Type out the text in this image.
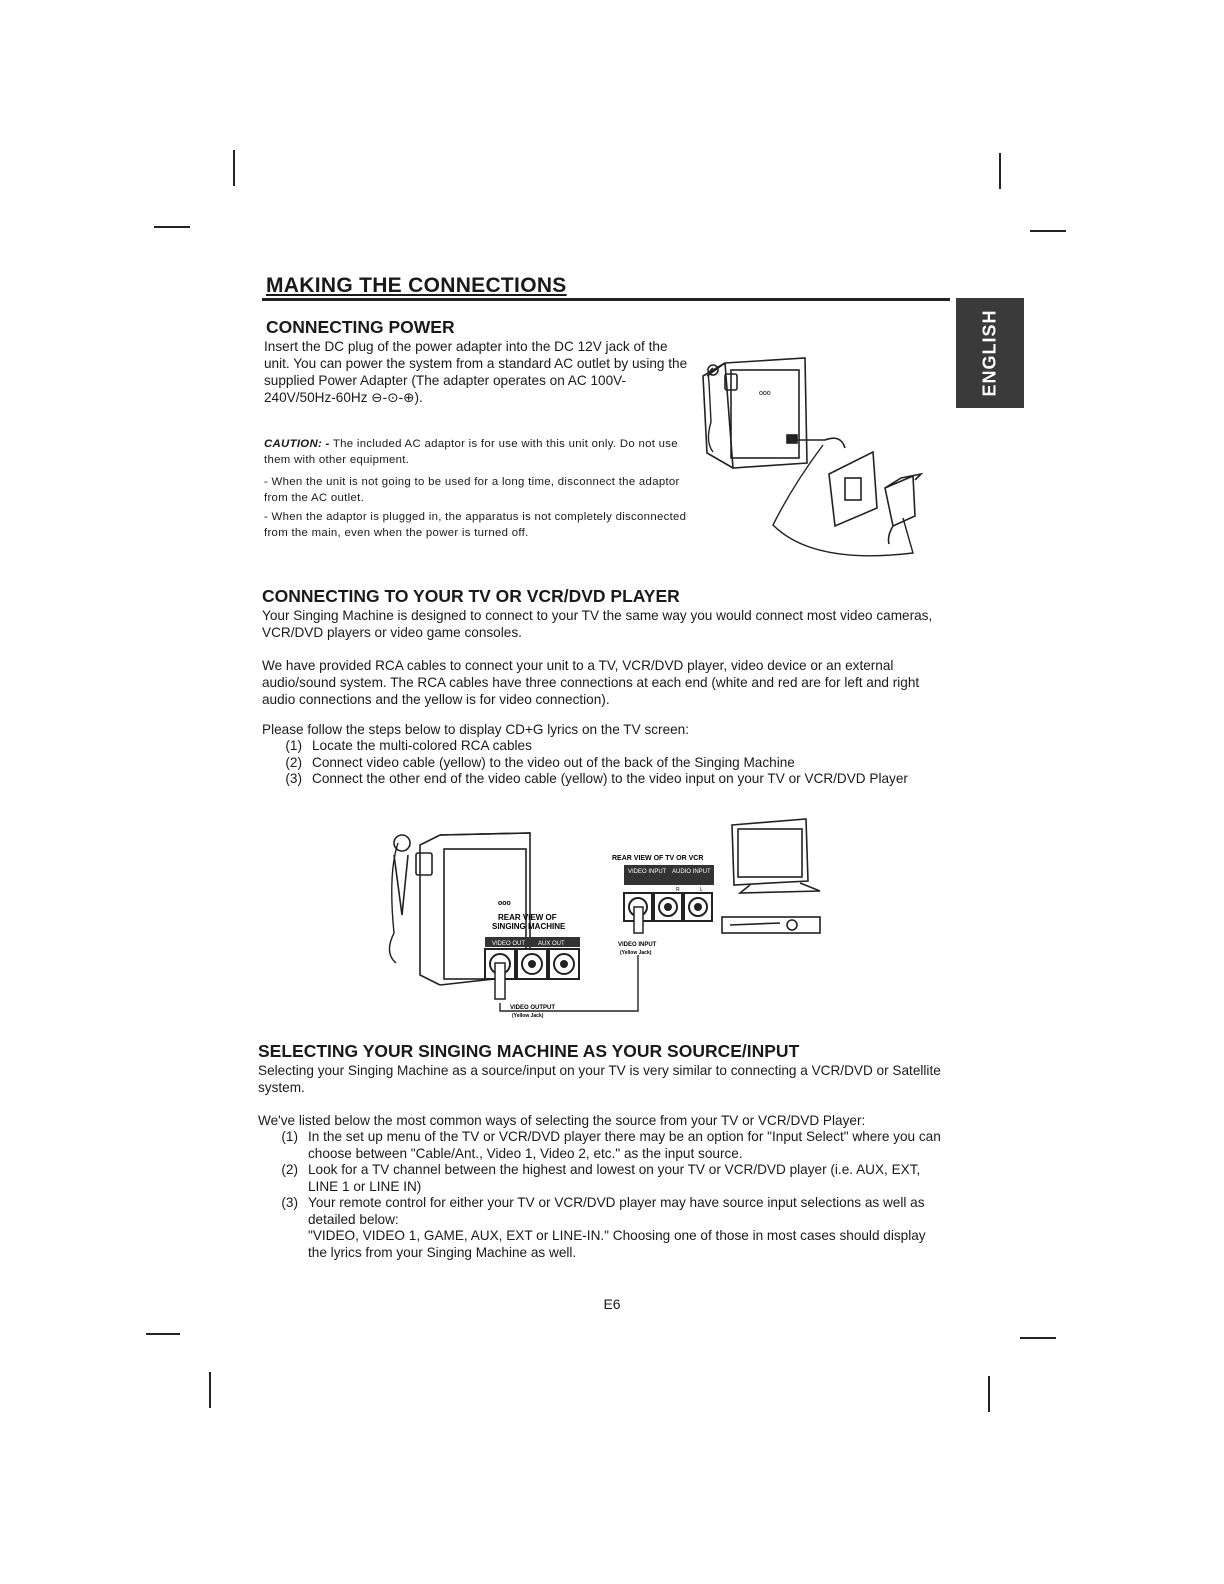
MAKING THE CONNECTIONS
ENGLISH
CONNECTING POWER

Insert the DC plug of the power adapter into the DC 12V jack of the unit. You can power the system from a standard AC outlet by using the supplied Power Adapter (The adapter operates on AC 100V-240V/50Hz-60Hz ⊖-⊙-⊕).

CAUTION: - The included AC adaptor is for use with this unit only. Do not use them with other equipment.

- When the unit is not going to be used for a long time, disconnect the adaptor from the AC outlet.

- When the adaptor is plugged in, the apparatus is not completely disconnected from the main, even when the power is turned off.

ooo
CONNECTING TO YOUR TV OR VCR/DVD PLAYER

Your Singing Machine is designed to connect to your TV the same way you would connect most video cameras, VCR/DVD players or video game consoles.

We have provided RCA cables to connect your unit to a TV, VCR/DVD player, video device or an external audio/sound system. The RCA cables have three connections at each end (white and red are for left and right audio connections and the yellow is for video connection).

Please follow the steps below to display CD+G lyrics on the TV screen:

(1) Locate the multi-colored RCA cables
(2) Connect video cable (yellow) to the video out of the back of the Singing Machine
(3) Connect the other end of the video cable (yellow) to the video input on your TV or VCR/DVD Player
VIDEO OUT AUX OUT
ooo
REAR VIEW OF
SINGING MACHINE
VIDEO OUTPUT
(Yellow Jack)
REAR VIEW OF TV OR VCR
VIDEO INPUT AUDIO INPUT
R	L
VIDEO INPUT
(Yellow Jack)
SELECTING YOUR SINGING MACHINE AS YOUR SOURCE/INPUT

Selecting your Singing Machine as a source/input on your TV is very similar to connecting a VCR/DVD or Satellite system.

We've listed below the most common ways of selecting the source from your TV or VCR/DVD Player:

(1) In the set up menu of the TV or VCR/DVD player there may be an option for "Input Select" where you can choose between "Cable/Ant., Video 1, Video 2, etc." as the input source.
(2) Look for a TV channel between the highest and lowest on your TV or VCR/DVD player (i.e. AUX, EXT, LINE 1 or LINE IN)
(3) Your remote control for either your TV or VCR/DVD player may have source input selections as well as detailed below:
"VIDEO, VIDEO 1, GAME, AUX, EXT or LINE-IN." Choosing one of those in most cases should display the lyrics from your Singing Machine as well.
E6
